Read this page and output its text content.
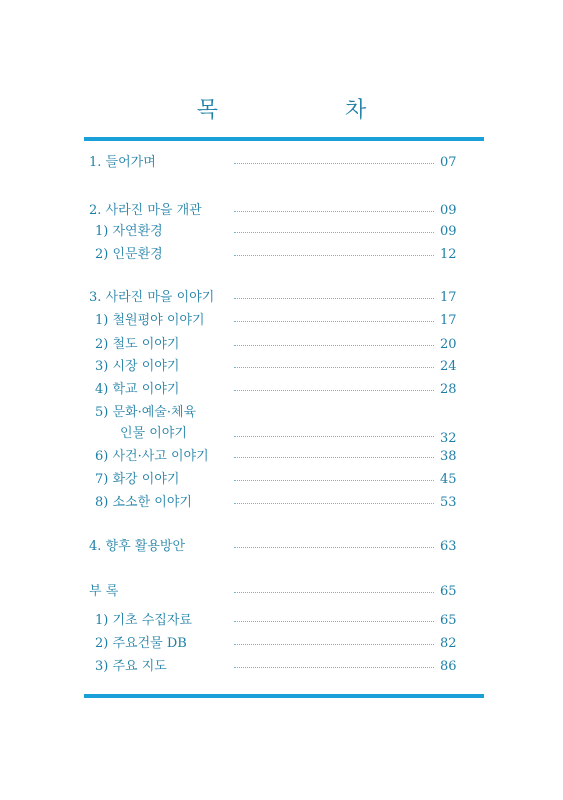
목 차
1. 들어가며	07
2. 사라진 마을 개관	09
1) 자연환경	09
2) 인문환경	12
3. 사라진 마을 이야기	17
1) 철원평야 이야기	17
2) 철도 이야기	20
3) 시장 이야기	24
4) 학교 이야기	28
5) 문화·예술·체육
인물 이야기	32
6) 사건·사고 이야기	38
7) 화강 이야기	45
8) 소소한 이야기	53
4. 향후 활용방안	63
부 록	65
1) 기초 수집자료	65
2) 주요건물 DB	82
3) 주요 지도	86
